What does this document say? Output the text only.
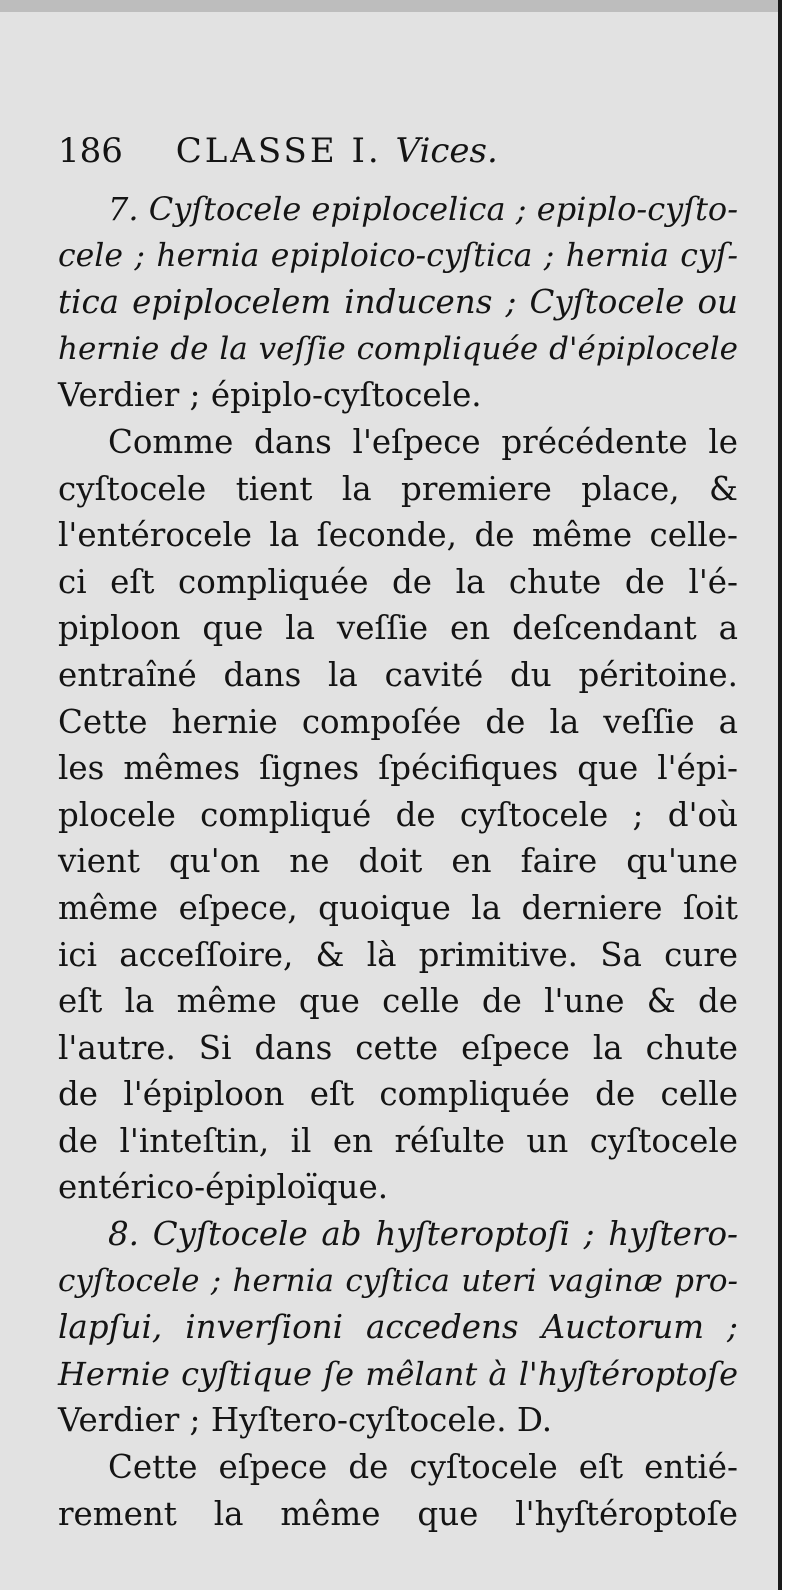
186 CLASSE I. Vices.
7. Cyſtocele epiplocelica ; epiplo-cyſto-
cele ; hernia epiploico-cyſtica ; hernia cyſ-
tica epiplocelem inducens ; Cyſtocele ou
hernie de la veſſie compliquée d'épiplocele
Verdier ; épiplo-cyſtocele.
Comme dans l'eſpece précédente le
cyſtocele tient la premiere place, &
l'entérocele la ſeconde, de même celle-
ci eſt compliquée de la chute de l'é-
piploon que la veſſie en deſcendant a
entraîné dans la cavité du péritoine.
Cette hernie compoſée de la veſſie a
les mêmes ſignes ſpécifiques que l'épi-
plocele compliqué de cyſtocele ; d'où
vient qu'on ne doit en faire qu'une
même eſpece, quoique la derniere ſoit
ici acceſſoire, & là primitive. Sa cure
eſt la même que celle de l'une & de
l'autre. Si dans cette eſpece la chute
de l'épiploon eſt compliquée de celle
de l'inteſtin, il en réſulte un cyſtocele
entérico-épiploïque.
8. Cyſtocele ab hyſteroptoſi ; hyſtero-
cyſtocele ; hernia cyſtica uteri vaginæ pro-
lapſui, inverſioni accedens Auctorum ;
Hernie cyſtique ſe mêlant à l'hyſtéroptoſe
Verdier ; Hyſtero-cyſtocele. D.
Cette eſpece de cyſtocele eſt entié-
rement la même que l'hyſtéroptoſe
